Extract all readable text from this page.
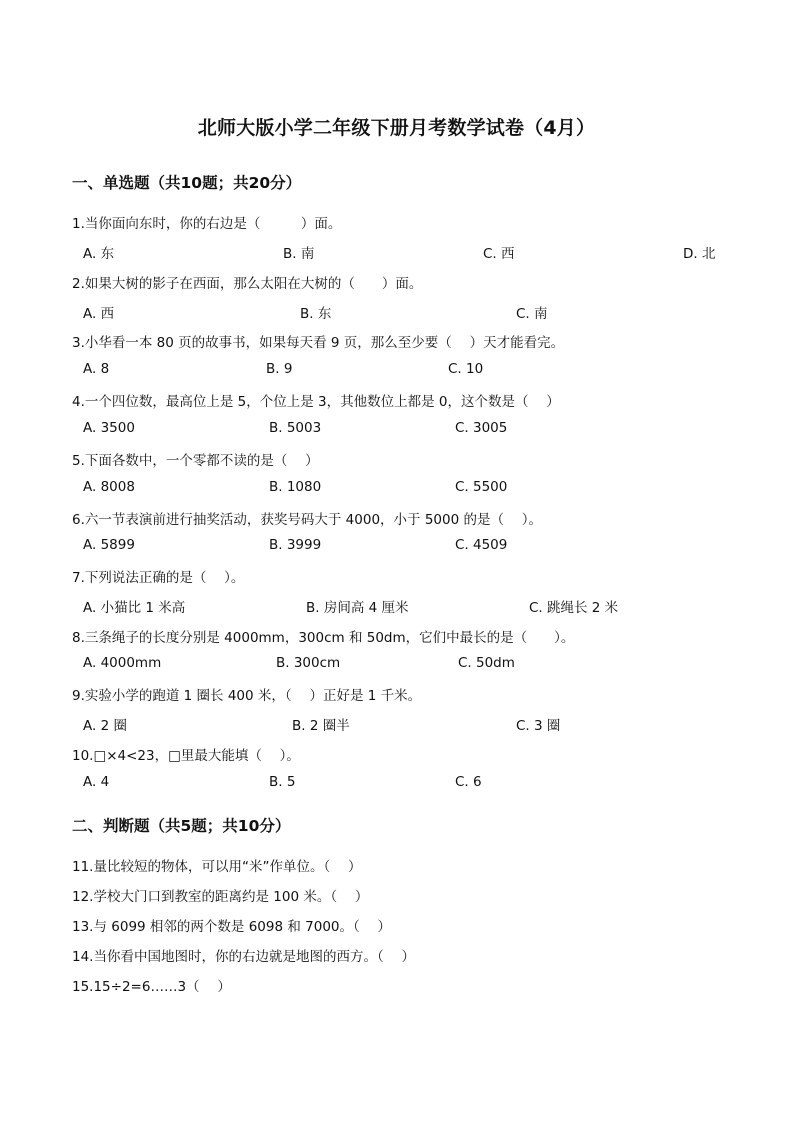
北师大版小学二年级下册月考数学试卷（4月）
一、单选题（共10题；共20分）
1.当你面向东时，你的右边是（　　　）面。
A. 东	B. 南	C. 西	D. 北
2.如果大树的影子在西面，那么太阳在大树的（　　）面。
A. 西	B. 东	C. 南
3.小华看一本 80 页的故事书，如果每天看 9 页，那么至少要（　 ）天才能看完。
A. 8	B. 9	C. 10
4.一个四位数，最高位上是 5，个位上是 3，其他数位上都是 0，这个数是（　 ）
A. 3500	B. 5003	C. 3005
5.下面各数中，一个零都不读的是（　 ）
A. 8008	B. 1080	C. 5500
6.六一节表演前进行抽奖活动，获奖号码大于 4000，小于 5000 的是（　 ）。
A. 5899	B. 3999	C. 4509
7.下列说法正确的是（　 ）。
A. 小猫比 1 米高	B. 房间高 4 厘米	C. 跳绳长 2 米
8.三条绳子的长度分别是 4000mm，300cm 和 50dm，它们中最长的是（　　）。
A. 4000mm	B. 300cm	C. 50dm
9.实验小学的跑道 1 圈长 400 米，（　 ）正好是 1 千米。
A. 2 圈	B. 2 圈半	C. 3 圈
10.□×4<23，□里最大能填（　 ）。
A. 4	B. 5	C. 6
二、判断题（共5题；共10分）
11.量比较短的物体，可以用“米”作单位。（　 ）
12.学校大门口到教室的距离约是 100 米。（　 ）
13.与 6099 相邻的两个数是 6098 和 7000。（　 ）
14.当你看中国地图时，你的右边就是地图的西方。（　 ）
15.15÷2=6……3（　 ）
